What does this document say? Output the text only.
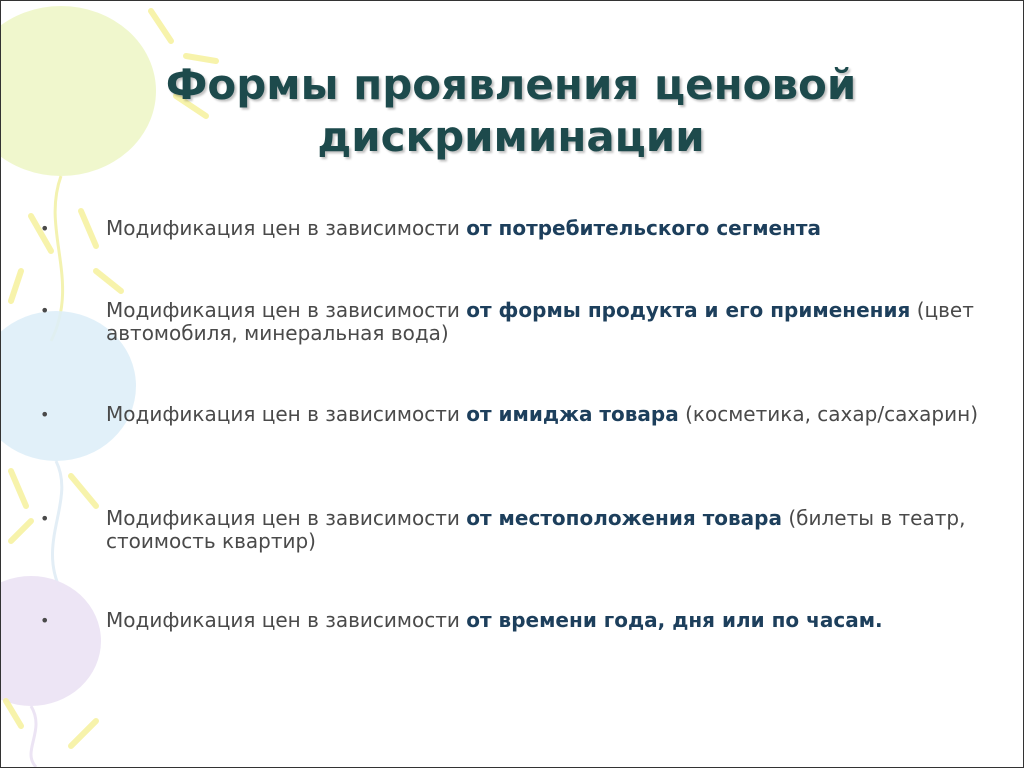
Формы проявления ценовой
дискриминации
•	Модификация цен в зависимости от потребительского сегмента
•	Модификация цен в зависимости от формы продукта и его применения (цвет автомобиля, минеральная вода)
•	Модификация цен в зависимости от имиджа товара (косметика, сахар/сахарин)
•	Модификация цен в зависимости от местоположения товара (билеты в театр, стоимость квартир)
•	Модификация цен в зависимости от времени года, дня или по часам.
